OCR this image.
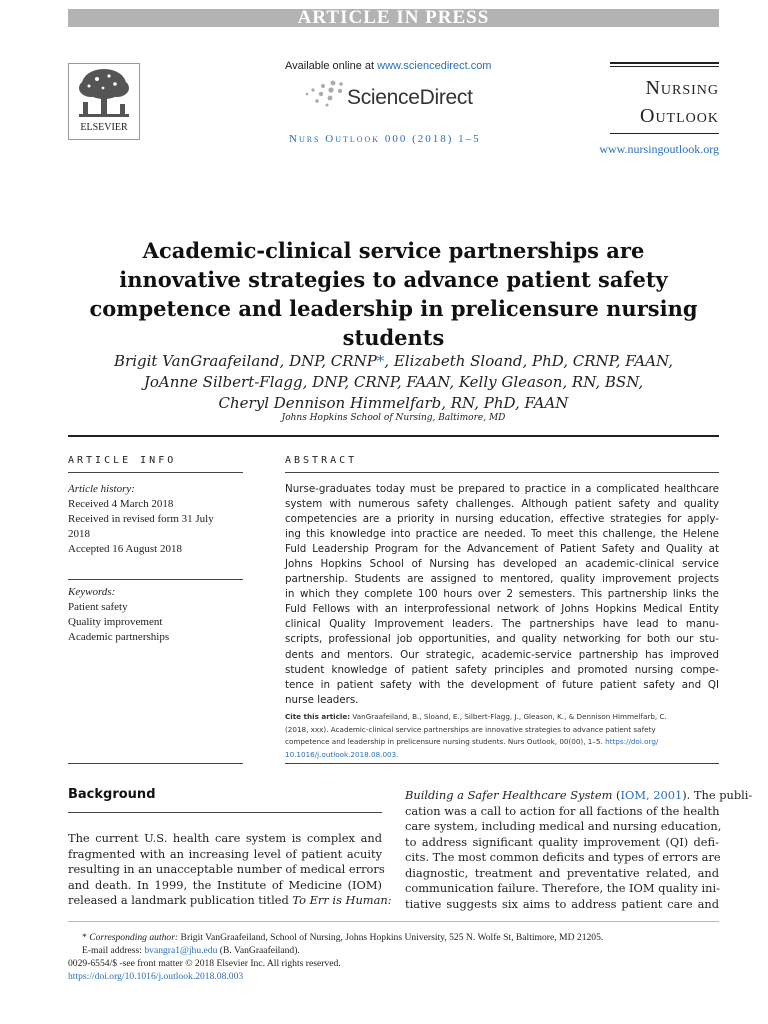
ARTICLE IN PRESS
ELSEVIER
Available online at www.sciencedirect.com
ScienceDirect
Nurs Outlook 000 (2018) 1–5
Nursing
Outlook
www.nursingoutlook.org
Academic-clinical service partnerships are
innovative strategies to advance patient safety
competence and leadership in prelicensure nursing
students
Brigit VanGraafeiland, DNP, CRNP*, Elizabeth Sloand, PhD, CRNP, FAAN,
JoAnne Silbert-Flagg, DNP, CRNP, FAAN, Kelly Gleason, RN, BSN,
Cheryl Dennison Himmelfarb, RN, PhD, FAAN
Johns Hopkins School of Nursing, Baltimore, MD
ARTICLE INFO	ABSTRACT
Article history:
Received 4 March 2018
Received in revised form 31 July
2018
Accepted 16 August 2018
Keywords:
Patient safety
Quality improvement
Academic partnerships
Nurse-graduates today must be prepared to practice in a complicated healthcare
system with numerous safety challenges. Although patient safety and quality
competencies are a priority in nursing education, effective strategies for apply-
ing this knowledge into practice are needed. To meet this challenge, the Helene
Fuld Leadership Program for the Advancement of Patient Safety and Quality at
Johns Hopkins School of Nursing has developed an academic-clinical service
partnership. Students are assigned to mentored, quality improvement projects
in which they complete 100 hours over 2 semesters. This partnership links the
Fuld Fellows with an interprofessional network of Johns Hopkins Medical Entity
clinical Quality Improvement leaders. The partnerships have lead to manu-
scripts, professional job opportunities, and quality networking for both our stu-
dents and mentors. Our strategic, academic-service partnership has improved
student knowledge of patient safety principles and promoted nursing compe-
tence in patient safety with the development of future patient safety and QI
nurse leaders.
Cite this article: VanGraafeiland, B., Sloand, E., Silbert-Flagg, J., Gleason, K., & Dennison Himmelfarb, C.
(2018, xxx). Academic-clinical service partnerships are innovative strategies to advance patient safety
competence and leadership in prelicensure nursing students. Nurs Outlook, 00(00), 1–5. https://doi.org/
10.1016/j.outlook.2018.08.003.
Background
The current U.S. health care system is complex and
fragmented with an increasing level of patient acuity
resulting in an unacceptable number of medical errors
and death. In 1999, the Institute of Medicine (IOM)
released a landmark publication titled To Err is Human:
Building a Safer Healthcare System (IOM, 2001). The publi-
cation was a call to action for all factions of the health
care system, including medical and nursing education,
to address significant quality improvement (QI) defi-
cits. The most common deficits and types of errors are
diagnostic, treatment and preventative related, and
communication failure. Therefore, the IOM quality ini-
tiative suggests six aims to address patient care and
* Corresponding author: Brigit VanGraafeiland, School of Nursing, Johns Hopkins University, 525 N. Wolfe St, Baltimore, MD 21205.
E-mail address: bvangra1@jhu.edu (B. VanGraafeiland).
0029-6554/$ -see front matter © 2018 Elsevier Inc. All rights reserved.
https://doi.org/10.1016/j.outlook.2018.08.003
